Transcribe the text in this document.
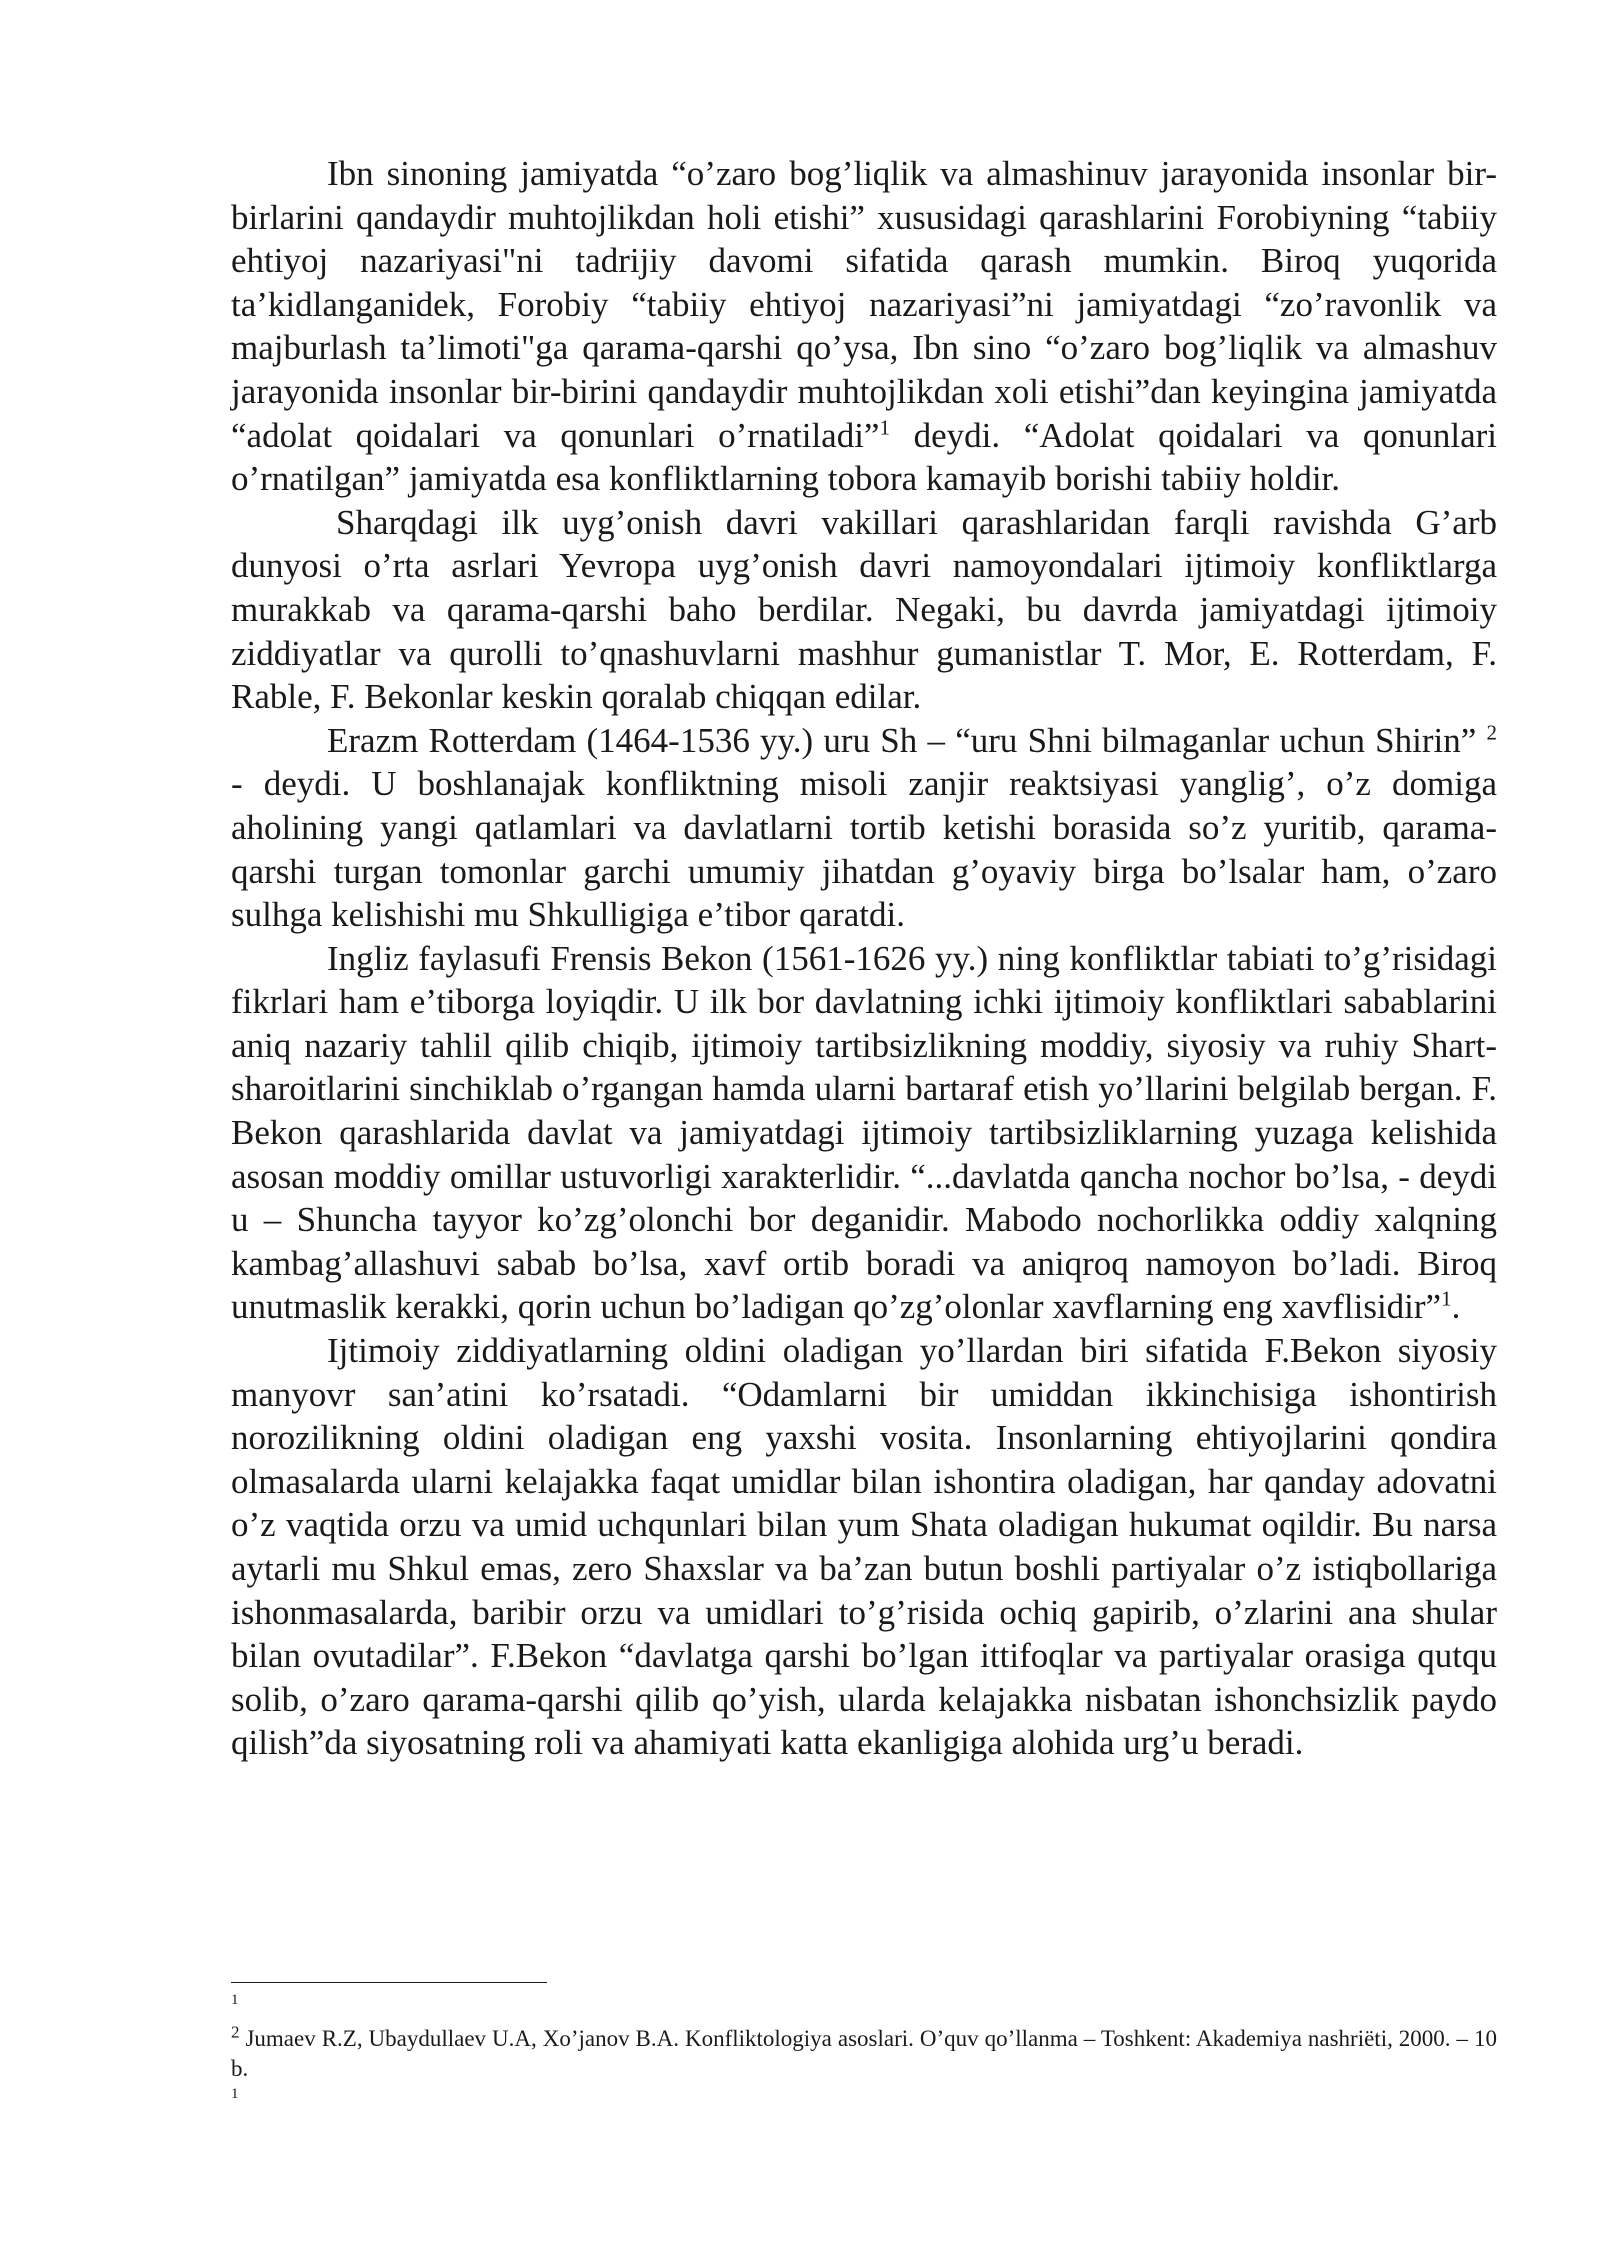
Ibn sinoning jamiyatda “o’zaro bog’liqlik va almashinuv jarayonida insonlar bir-birlarini qandaydir muhtojlikdan holi etishi” xususidagi qarashlarini Forobiyning “tabiiy ehtiyoj nazariyasi"ni tadrijiy davomi sifatida qarash mumkin. Biroq yuqorida ta’kidlanganidek, Forobiy “tabiiy ehtiyoj nazariyasi”ni jamiyatdagi “zo’ravonlik va majburlash ta’limoti"ga qarama-qarshi qo’ysa, Ibn sino “o’zaro bog’liqlik va almashuv jarayonida insonlar bir-birini qandaydir muhtojlikdan xoli etishi”dan keyingina jamiyatda “adolat qoidalari va qonunlari o’rnatiladi”$^1$ deydi. “Adolat qoidalari va qonunlari o’rnatilgan” jamiyatda esa konfliktlarning tobora kamayib borishi tabiiy holdir.

Sharqdagi ilk uyg’onish davri vakillari qarashlaridan farqli ravishda G’arb dunyosi o’rta asrlari Yevropa uyg’onish davri namoyondalari ijtimoiy konfliktlarga murakkab va qarama-qarshi baho berdilar. Negaki, bu davrda jamiyatdagi ijtimoiy ziddiyatlar va qurolli to’qnashuvlarni mashhur gumanistlar T. Mor, E. Rotterdam, F. Rable, F. Bekonlar keskin qoralab chiqqan edilar.

Erazm Rotterdam (1464-1536 yy.) uru Sh – “uru Shni bilmaganlar uchun Shirin” $^2$ - deydi. U boshlanajak konfliktning misoli zanjir reaktsiyasi yanglig’, o’z domiga aholining yangi qatlamlari va davlatlarni tortib ketishi borasida so’z yuritib, qarama-qarshi turgan tomonlar garchi umumiy jihatdan g’oyaviy birga bo’lsalar ham, o’zaro sulhga kelishishi mu Shkulligiga e’tibor qaratdi.

Ingliz faylasufi Frensis Bekon (1561-1626 yy.) ning konfliktlar tabiati to’g’risidagi fikrlari ham e’tiborga loyiqdir. U ilk bor davlatning ichki ijtimoiy konfliktlari sabablarini aniq nazariy tahlil qilib chiqib, ijtimoiy tartibsizlikning moddiy, siyosiy va ruhiy Shart-sharoitlarini sinchiklab o’rgangan hamda ularni bartaraf etish yo’llarini belgilab bergan. F. Bekon qarashlarida davlat va jamiyatdagi ijtimoiy tartibsizliklarning yuzaga kelishida asosan moddiy omillar ustuvorligi xarakterlidir. “...davlatda qancha nochor bo’lsa, - deydi u – Shuncha tayyor ko’zg’olonchi bor deganidir. Mabodo nochorlikka oddiy xalqning kambag’allashuvi sabab bo’lsa, xavf ortib boradi va aniqroq namoyon bo’ladi. Biroq unutmaslik kerakki, qorin uchun bo’ladigan qo’zg’olonlar xavflarning eng xavflisidir”$^1$.

Ijtimoiy ziddiyatlarning oldini oladigan yo’llardan biri sifatida F.Bekon siyosiy manyovr san’atini ko’rsatadi. “Odamlarni bir umiddan ikkinchisiga ishontirish norozilikning oldini oladigan eng yaxshi vosita. Insonlarning ehtiyojlarini qondira olmasalarda ularni kelajakka faqat umidlar bilan ishontira oladigan, har qanday adovatni o’z vaqtida orzu va umid uchqunlari bilan yum Shata oladigan hukumat oqildir. Bu narsa aytarli mu Shkul emas, zero Shaxslar va ba’zan butun boshli partiyalar o’z istiqbollariga ishonmasalarda, baribir orzu va umidlari to’g’risida ochiq gapirib, o’zlarini ana shular bilan ovutadilar”. F.Bekon “davlatga qarshi bo’lgan ittifoqlar va partiyalar orasiga qutqu solib, o’zaro qarama-qarshi qilib qo’yish, ularda kelajakka nisbatan ishonchsizlik paydo qilish”da siyosatning roli va ahamiyati katta ekanligiga alohida urg’u beradi.

1

$^2$ Jumaev R.Z, Ubaydullaev U.A, Xo’janov B.A. Konfliktologiya asoslari. O’quv qo’llanma – Toshkent: Akademiya nashriëti, 2000. – 10 b.

1
